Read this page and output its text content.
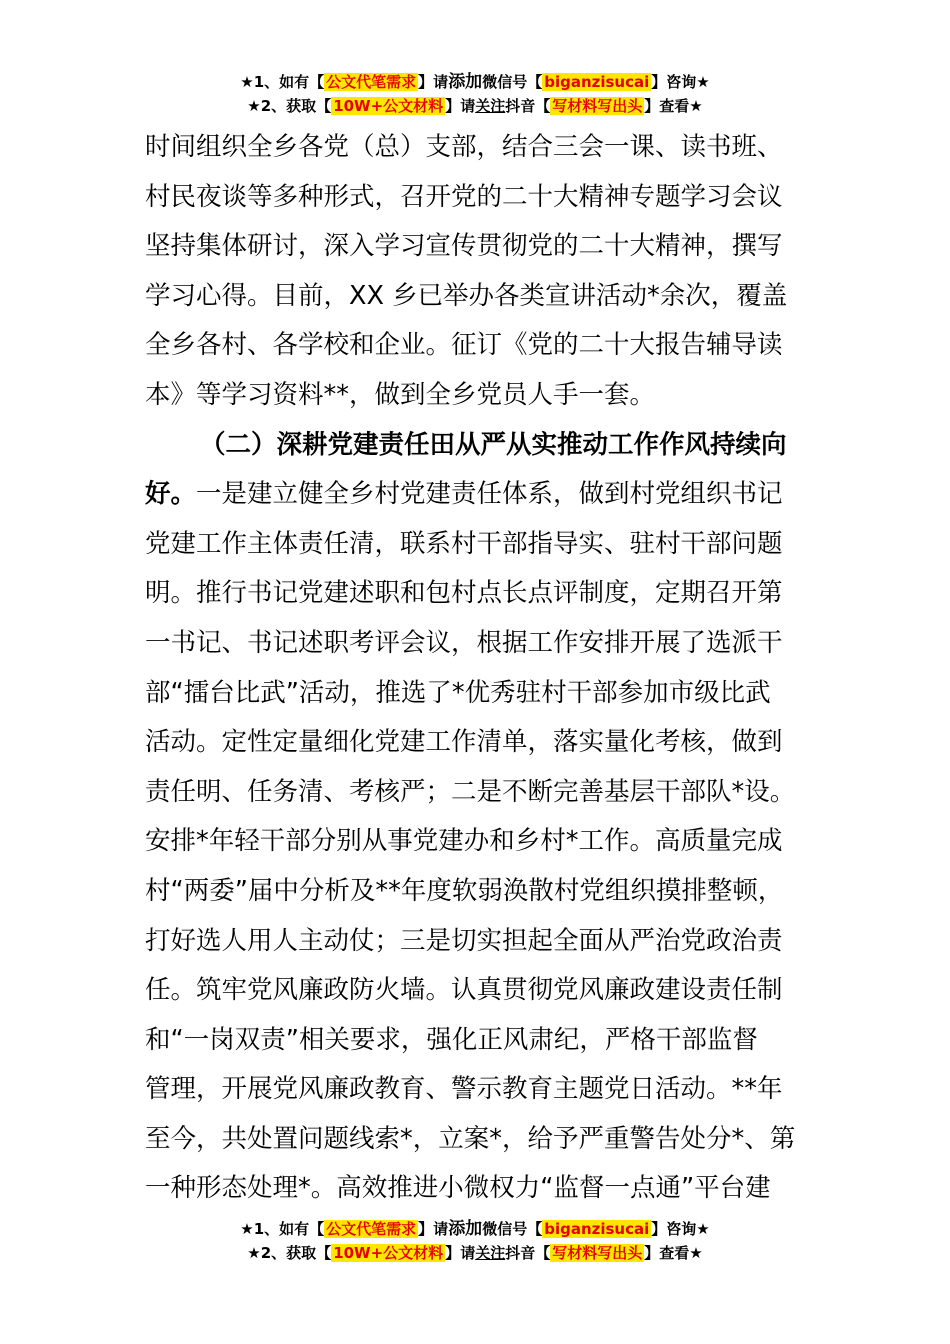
★1、如有【 公文代笔需求 】请添加微信号【 biganzisucai 】咨询★
★2、获取【 10W+公文材料 】请关注抖音【 写材料写出头 】查看★
时间组织全乡各党（总）支部，结合三会一课、读书班、
村民夜谈等多种形式，召开党的二十大精神专题学习会议
坚持集体研讨，深入学习宣传贯彻党的二十大精神，撰写
学习心得。目前，XX 乡已举办各类宣讲活动*余次，覆盖
全乡各村、各学校和企业。征订《党的二十大报告辅导读
本》等学习资料**，做到全乡党员人手一套。
（二）深耕党建责任田从严从实推动工作作风持续向
好。一是建立健全乡村党建责任体系，做到村党组织书记
党建工作主体责任清，联系村干部指导实、驻村干部问题
明。推行书记党建述职和包村点长点评制度，定期召开第
一书记、书记述职考评会议，根据工作安排开展了选派干
部“擂台比武”活动，推选了*优秀驻村干部参加市级比武
活动。定性定量细化党建工作清单，落实量化考核，做到
责任明、任务清、考核严；二是不断完善基层干部队*设。
安排*年轻干部分别从事党建办和乡村*工作。高质量完成
村“两委”届中分析及**年度软弱涣散村党组织摸排整顿，
打好选人用人主动仗；三是切实担起全面从严治党政治责
任。筑牢党风廉政防火墙。认真贯彻党风廉政建设责任制
和“一岗双责”相关要求，强化正风肃纪，严格干部监督
管理，开展党风廉政教育、警示教育主题党日活动。**年
至今，共处置问题线索*，立案*，给予严重警告处分*、第
一种形态处理*。高效推进小微权力“监督一点通”平台建
★1、如有【 公文代笔需求 】请添加微信号【 biganzisucai 】咨询★
★2、获取【 10W+公文材料 】请关注抖音【 写材料写出头 】查看★
